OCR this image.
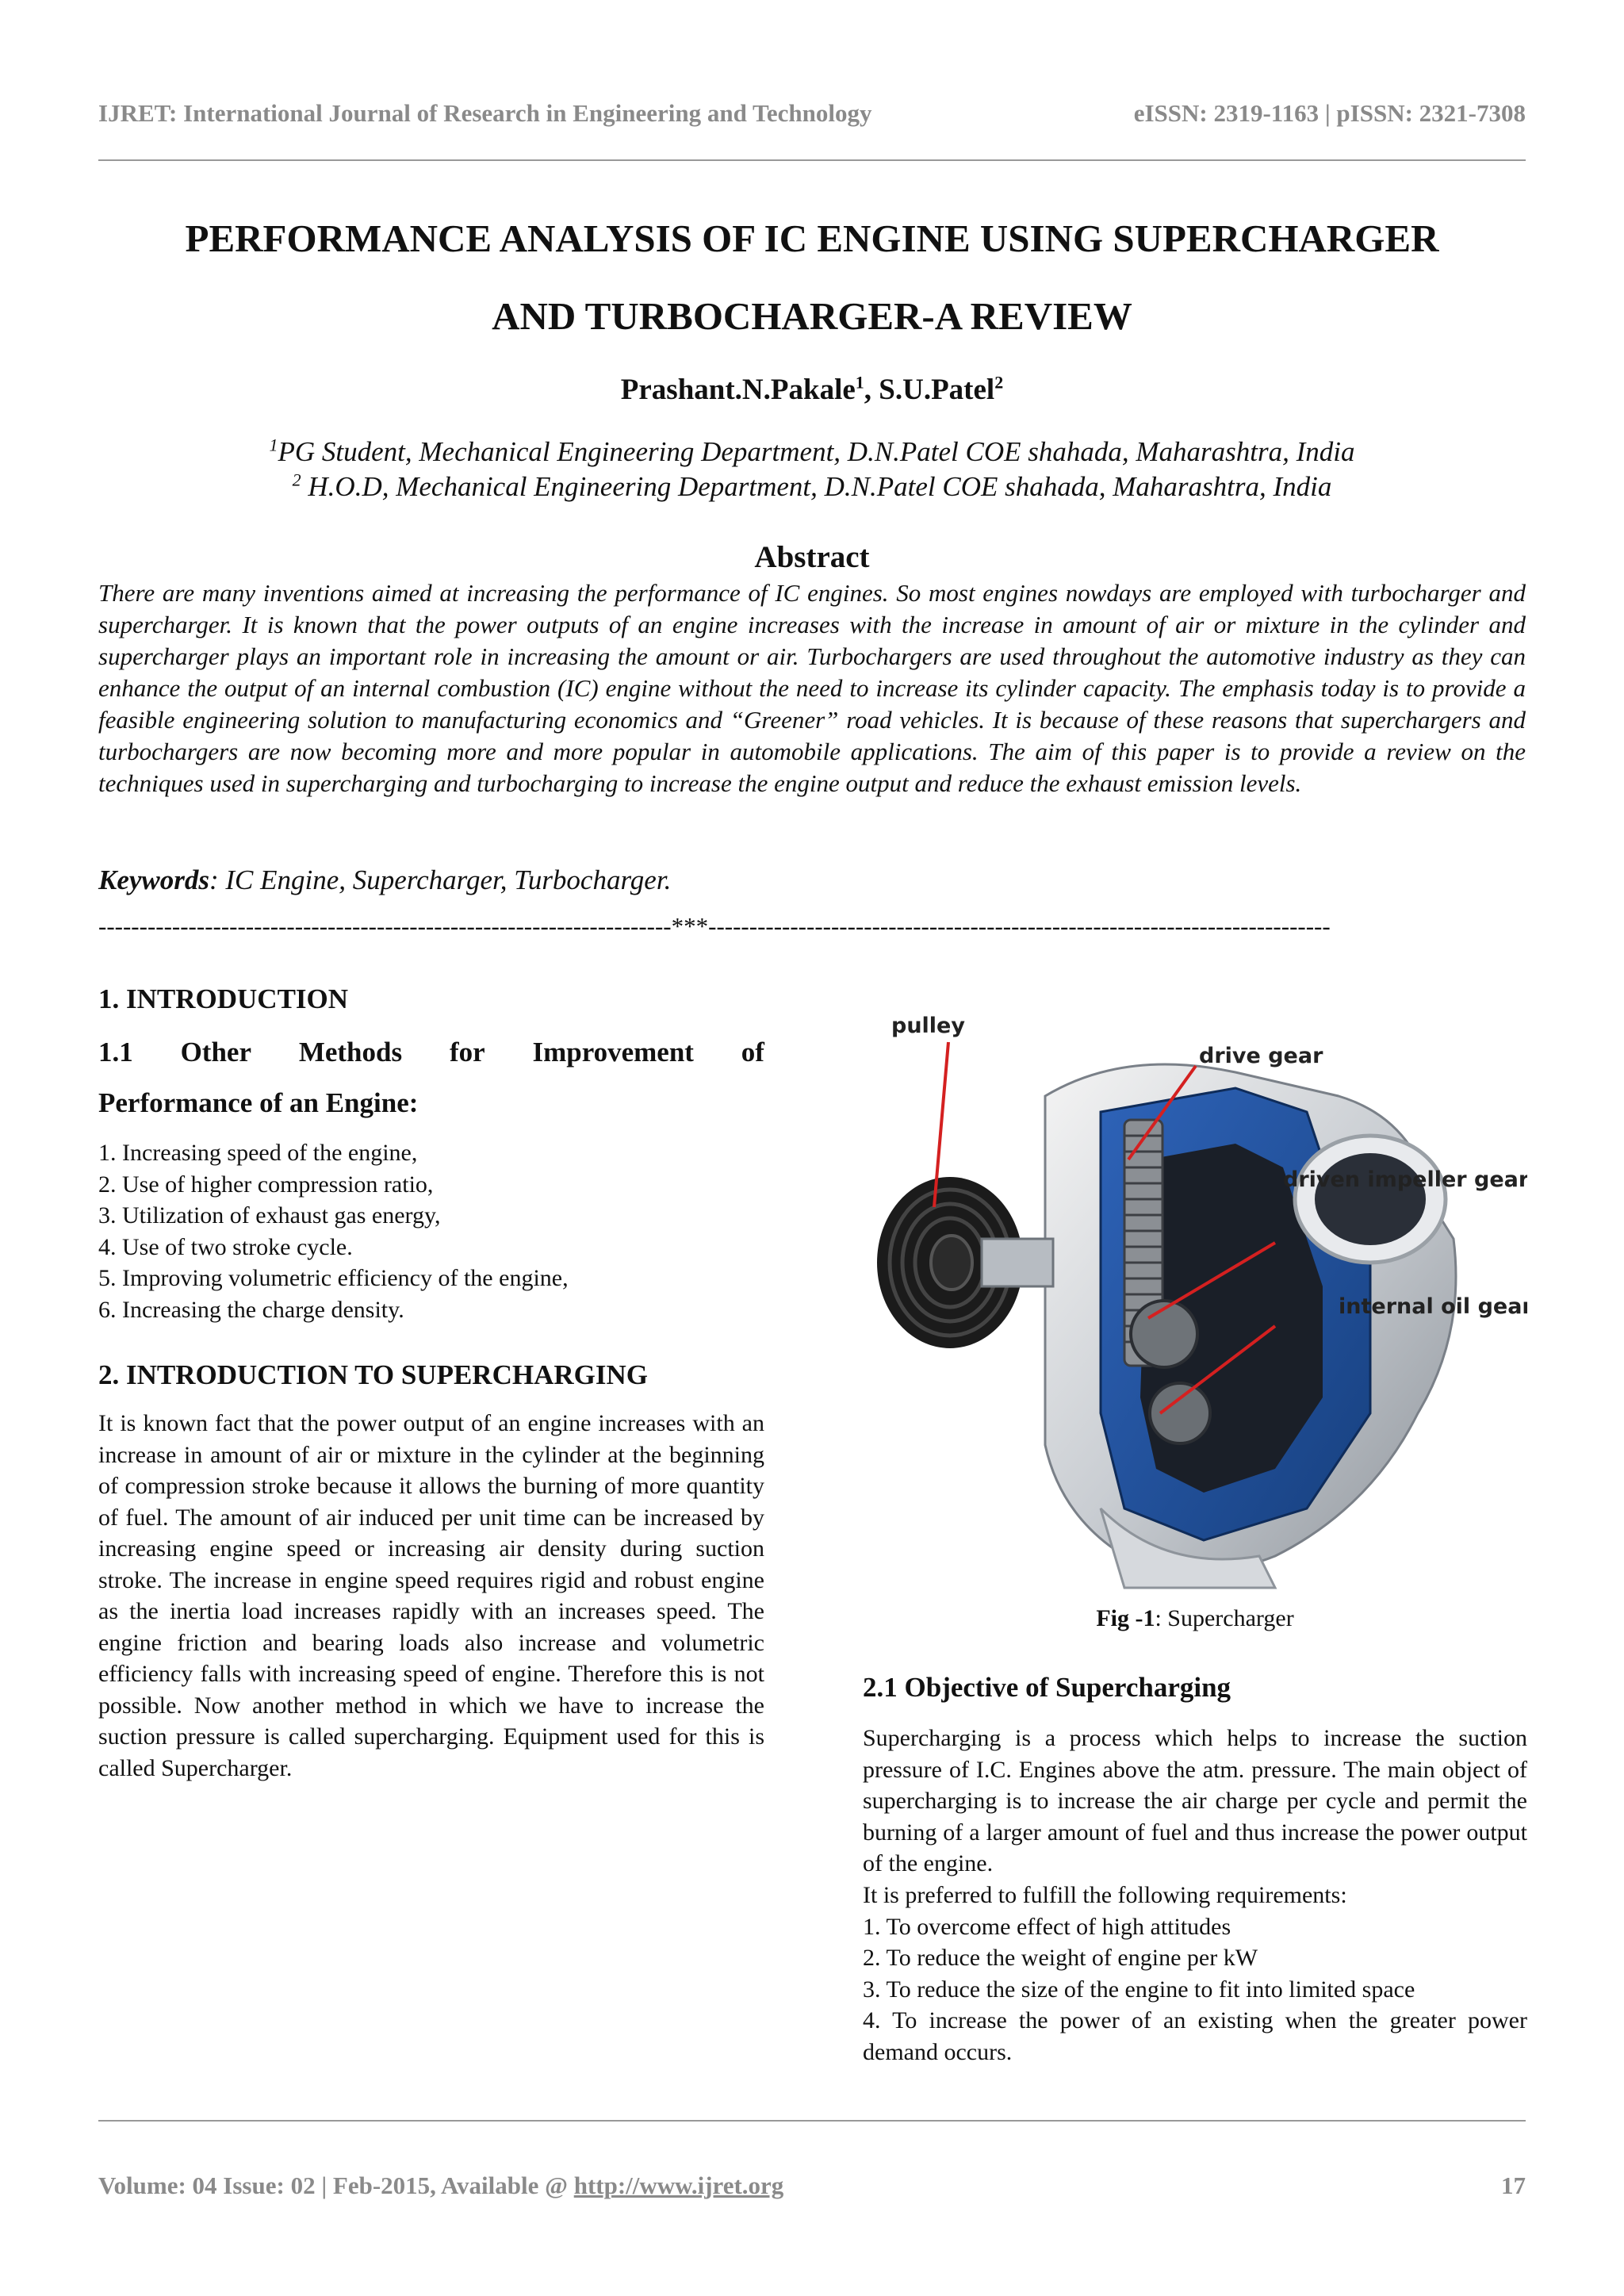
IJRET: International Journal of Research in Engineering and Technology	eISSN: 2319-1163 | pISSN: 2321-7308
PERFORMANCE ANALYSIS OF IC ENGINE USING SUPERCHARGER
AND TURBOCHARGER-A REVIEW
Prashant.N.Pakale$^1$, S.U.Patel$^2$
$^1$PG Student, Mechanical Engineering Department, D.N.Patel COE shahada, Maharashtra, India
$^2$ H.O.D, Mechanical Engineering Department, D.N.Patel COE shahada, Maharashtra, India
Abstract
There are many inventions aimed at increasing the performance of IC engines. So most engines nowdays are employed with turbocharger and supercharger. It is known that the power outputs of an engine increases with the increase in amount of air or mixture in the cylinder and supercharger plays an important role in increasing the amount or air. Turbochargers are used throughout the automotive industry as they can enhance the output of an internal combustion (IC) engine without the need to increase its cylinder capacity. The emphasis today is to provide a feasible engineering solution to manufacturing economics and “Greener” road vehicles. It is because of these reasons that superchargers and turbochargers are now becoming more and more popular in automobile applications. The aim of this paper is to provide a review on the techniques used in supercharging and turbocharging to increase the engine output and reduce the exhaust emission levels.
Keywords: IC Engine, Supercharger, Turbocharger.
----------------------------------------------------------------------***----------------------------------------------------------------------------
1. INTRODUCTION
1.1 Other Methods for Improvement of
Performance of an Engine:
1. Increasing speed of the engine,
2. Use of higher compression ratio,
3. Utilization of exhaust gas energy,
4. Use of two stroke cycle.
5. Improving volumetric efficiency of the engine,
6. Increasing the charge density.
2. INTRODUCTION TO SUPERCHARGING
It is known fact that the power output of an engine increases with an increase in amount of air or mixture in the cylinder at the beginning of compression stroke because it allows the burning of more quantity of fuel. The amount of air induced per unit time can be increased by increasing engine speed or increasing air density during suction stroke. The increase in engine speed requires rigid and robust engine as the inertia load increases rapidly with an increases speed. The engine friction and bearing loads also increase and volumetric efficiency falls with increasing speed of engine. Therefore this is not possible. Now another method in which we have to increase the suction pressure is called supercharging. Equipment used for this is called Supercharger.
pulley
drive gear
driven impeller gear
internal oil gear
Fig -1: Supercharger
2.1 Objective of Supercharging
Supercharging is a process which helps to increase the suction pressure of I.C. Engines above the atm. pressure. The main object of supercharging is to increase the air charge per cycle and permit the burning of a larger amount of fuel and thus increase the power output of the engine.
It is preferred to fulfill the following requirements:
1. To overcome effect of high attitudes
2. To reduce the weight of engine per kW
3. To reduce the size of the engine to fit into limited space
4. To increase the power of an existing when the greater power demand occurs.
Volume: 04 Issue: 02 | Feb-2015, Available @ http://www.ijret.org	17
